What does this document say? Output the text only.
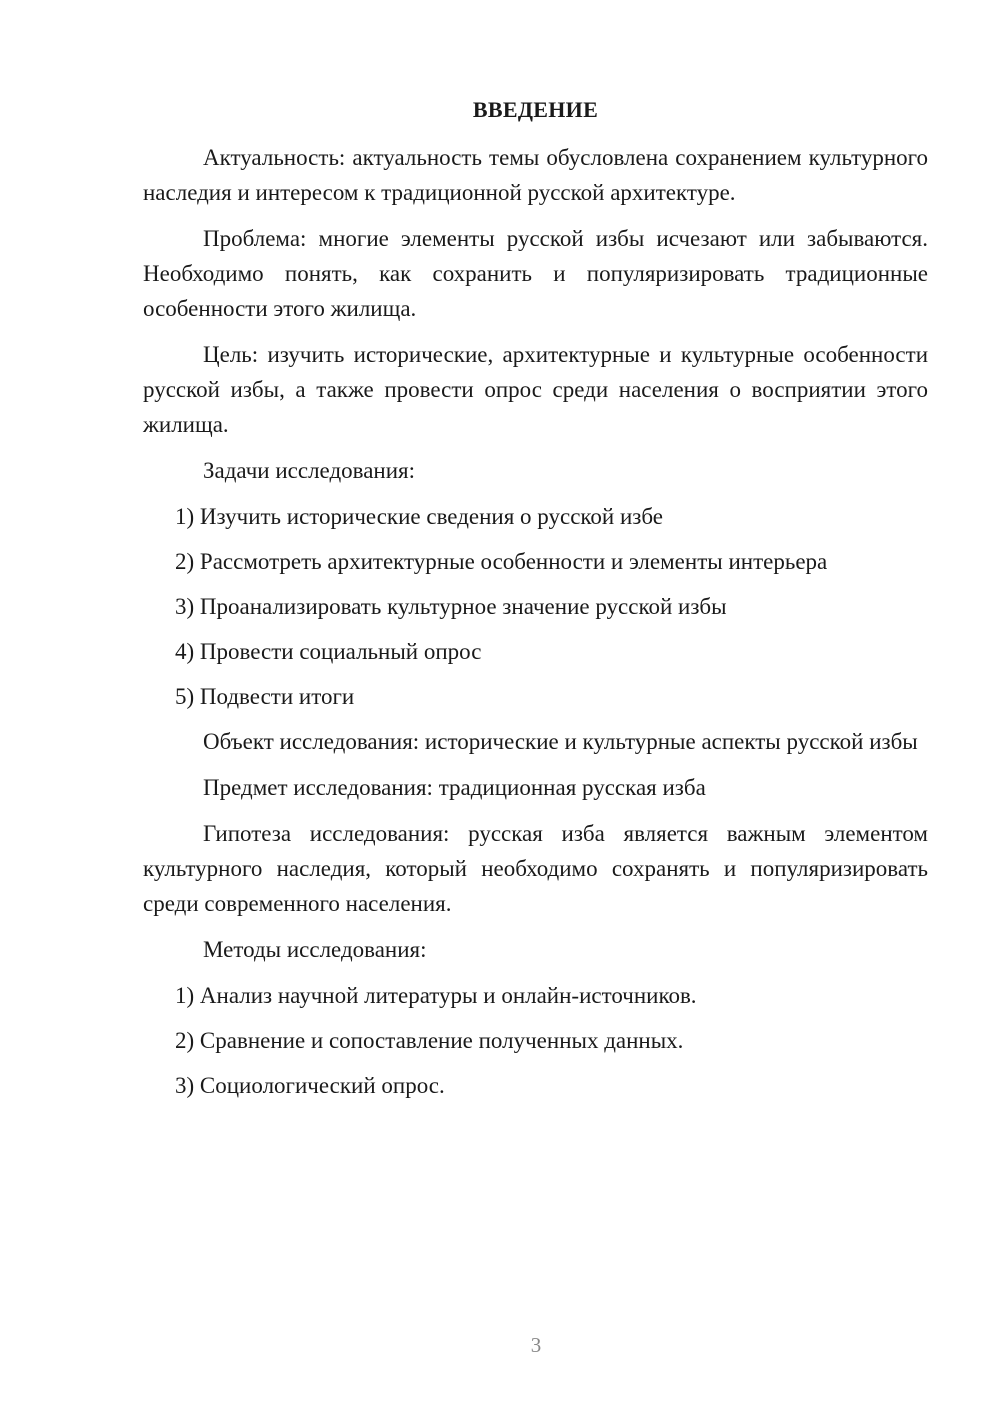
ВВЕДЕНИЕ

Актуальность: актуальность темы обусловлена сохранением культурного наследия и интересом к традиционной русской архитектуре.

Проблема: многие элементы русской избы исчезают или забываются. Необходимо понять, как сохранить и популяризировать традиционные особенности этого жилища.

Цель: изучить исторические, архитектурные и культурные особенности русской избы, а также провести опрос среди населения о восприятии этого жилища.

Задачи исследования:

1) Изучить исторические сведения о русской избе
2) Рассмотреть архитектурные особенности и элементы интерьера
3) Проанализировать культурное значение русской избы
4) Провести социальный опрос
5) Подвести итоги

Объект исследования: исторические и культурные аспекты русской избы

Предмет исследования: традиционная русская изба

Гипотеза исследования: русская изба является важным элементом культурного наследия, который необходимо сохранять и популяризировать среди современного населения.

Методы исследования:

1) Анализ научной литературы и онлайн-источников.
2) Сравнение и сопоставление полученных данных.
3) Социологический опрос.
3
